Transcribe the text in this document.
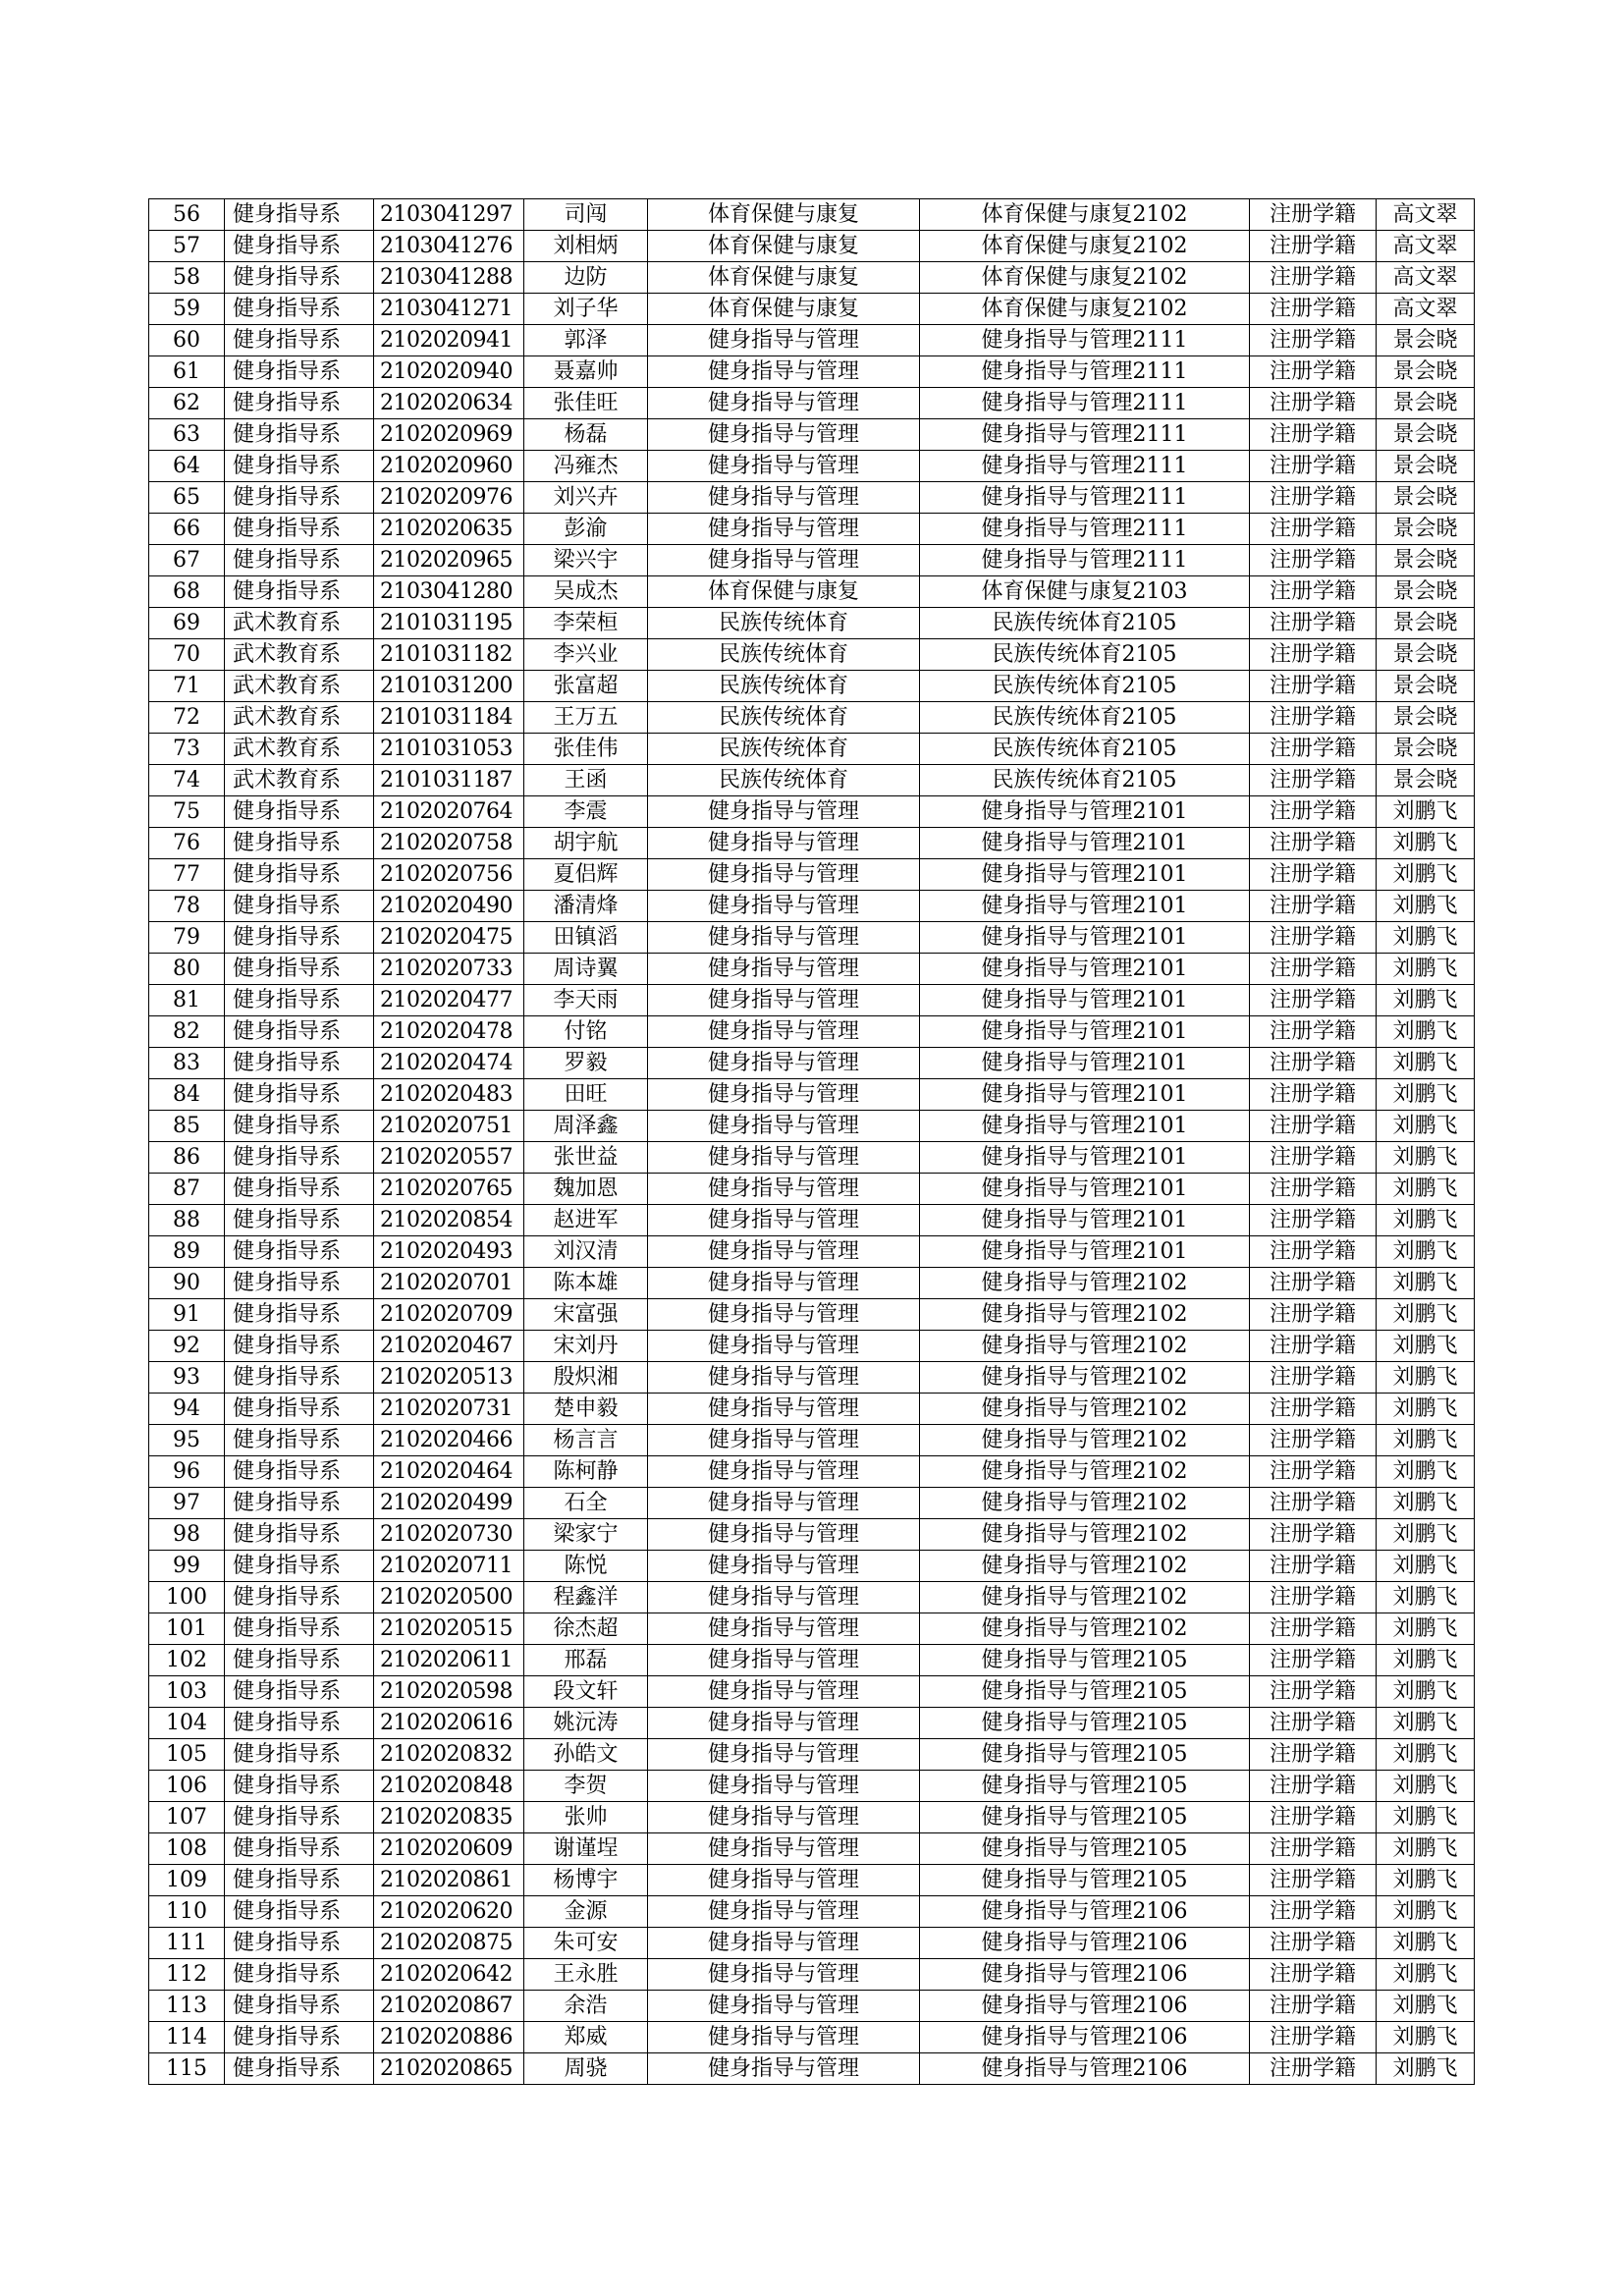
56	健身指导系	2103041297	司闯	体育保健与康复	体育保健与康复2102	注册学籍	高文翠
57	健身指导系	2103041276	刘相炳	体育保健与康复	体育保健与康复2102	注册学籍	高文翠
58	健身指导系	2103041288	边防	体育保健与康复	体育保健与康复2102	注册学籍	高文翠
59	健身指导系	2103041271	刘子华	体育保健与康复	体育保健与康复2102	注册学籍	高文翠
60	健身指导系	2102020941	郭泽	健身指导与管理	健身指导与管理2111	注册学籍	景会晓
61	健身指导系	2102020940	聂嘉帅	健身指导与管理	健身指导与管理2111	注册学籍	景会晓
62	健身指导系	2102020634	张佳旺	健身指导与管理	健身指导与管理2111	注册学籍	景会晓
63	健身指导系	2102020969	杨磊	健身指导与管理	健身指导与管理2111	注册学籍	景会晓
64	健身指导系	2102020960	冯雍杰	健身指导与管理	健身指导与管理2111	注册学籍	景会晓
65	健身指导系	2102020976	刘兴卉	健身指导与管理	健身指导与管理2111	注册学籍	景会晓
66	健身指导系	2102020635	彭渝	健身指导与管理	健身指导与管理2111	注册学籍	景会晓
67	健身指导系	2102020965	梁兴宇	健身指导与管理	健身指导与管理2111	注册学籍	景会晓
68	健身指导系	2103041280	吴成杰	体育保健与康复	体育保健与康复2103	注册学籍	景会晓
69	武术教育系	2101031195	李荣桓	民族传统体育	民族传统体育2105	注册学籍	景会晓
70	武术教育系	2101031182	李兴业	民族传统体育	民族传统体育2105	注册学籍	景会晓
71	武术教育系	2101031200	张富超	民族传统体育	民族传统体育2105	注册学籍	景会晓
72	武术教育系	2101031184	王万五	民族传统体育	民族传统体育2105	注册学籍	景会晓
73	武术教育系	2101031053	张佳伟	民族传统体育	民族传统体育2105	注册学籍	景会晓
74	武术教育系	2101031187	王函	民族传统体育	民族传统体育2105	注册学籍	景会晓
75	健身指导系	2102020764	李震	健身指导与管理	健身指导与管理2101	注册学籍	刘鹏飞
76	健身指导系	2102020758	胡宇航	健身指导与管理	健身指导与管理2101	注册学籍	刘鹏飞
77	健身指导系	2102020756	夏侣辉	健身指导与管理	健身指导与管理2101	注册学籍	刘鹏飞
78	健身指导系	2102020490	潘清烽	健身指导与管理	健身指导与管理2101	注册学籍	刘鹏飞
79	健身指导系	2102020475	田镇滔	健身指导与管理	健身指导与管理2101	注册学籍	刘鹏飞
80	健身指导系	2102020733	周诗翼	健身指导与管理	健身指导与管理2101	注册学籍	刘鹏飞
81	健身指导系	2102020477	李天雨	健身指导与管理	健身指导与管理2101	注册学籍	刘鹏飞
82	健身指导系	2102020478	付铭	健身指导与管理	健身指导与管理2101	注册学籍	刘鹏飞
83	健身指导系	2102020474	罗毅	健身指导与管理	健身指导与管理2101	注册学籍	刘鹏飞
84	健身指导系	2102020483	田旺	健身指导与管理	健身指导与管理2101	注册学籍	刘鹏飞
85	健身指导系	2102020751	周泽鑫	健身指导与管理	健身指导与管理2101	注册学籍	刘鹏飞
86	健身指导系	2102020557	张世益	健身指导与管理	健身指导与管理2101	注册学籍	刘鹏飞
87	健身指导系	2102020765	魏加恩	健身指导与管理	健身指导与管理2101	注册学籍	刘鹏飞
88	健身指导系	2102020854	赵进军	健身指导与管理	健身指导与管理2101	注册学籍	刘鹏飞
89	健身指导系	2102020493	刘汉清	健身指导与管理	健身指导与管理2101	注册学籍	刘鹏飞
90	健身指导系	2102020701	陈本雄	健身指导与管理	健身指导与管理2102	注册学籍	刘鹏飞
91	健身指导系	2102020709	宋富强	健身指导与管理	健身指导与管理2102	注册学籍	刘鹏飞
92	健身指导系	2102020467	宋刘丹	健身指导与管理	健身指导与管理2102	注册学籍	刘鹏飞
93	健身指导系	2102020513	殷炽湘	健身指导与管理	健身指导与管理2102	注册学籍	刘鹏飞
94	健身指导系	2102020731	楚申毅	健身指导与管理	健身指导与管理2102	注册学籍	刘鹏飞
95	健身指导系	2102020466	杨言言	健身指导与管理	健身指导与管理2102	注册学籍	刘鹏飞
96	健身指导系	2102020464	陈柯静	健身指导与管理	健身指导与管理2102	注册学籍	刘鹏飞
97	健身指导系	2102020499	石全	健身指导与管理	健身指导与管理2102	注册学籍	刘鹏飞
98	健身指导系	2102020730	梁家宁	健身指导与管理	健身指导与管理2102	注册学籍	刘鹏飞
99	健身指导系	2102020711	陈悦	健身指导与管理	健身指导与管理2102	注册学籍	刘鹏飞
100	健身指导系	2102020500	程鑫洋	健身指导与管理	健身指导与管理2102	注册学籍	刘鹏飞
101	健身指导系	2102020515	徐杰超	健身指导与管理	健身指导与管理2102	注册学籍	刘鹏飞
102	健身指导系	2102020611	邢磊	健身指导与管理	健身指导与管理2105	注册学籍	刘鹏飞
103	健身指导系	2102020598	段文轩	健身指导与管理	健身指导与管理2105	注册学籍	刘鹏飞
104	健身指导系	2102020616	姚沅涛	健身指导与管理	健身指导与管理2105	注册学籍	刘鹏飞
105	健身指导系	2102020832	孙皓文	健身指导与管理	健身指导与管理2105	注册学籍	刘鹏飞
106	健身指导系	2102020848	李贺	健身指导与管理	健身指导与管理2105	注册学籍	刘鹏飞
107	健身指导系	2102020835	张帅	健身指导与管理	健身指导与管理2105	注册学籍	刘鹏飞
108	健身指导系	2102020609	谢谨埕	健身指导与管理	健身指导与管理2105	注册学籍	刘鹏飞
109	健身指导系	2102020861	杨博宇	健身指导与管理	健身指导与管理2105	注册学籍	刘鹏飞
110	健身指导系	2102020620	金源	健身指导与管理	健身指导与管理2106	注册学籍	刘鹏飞
111	健身指导系	2102020875	朱可安	健身指导与管理	健身指导与管理2106	注册学籍	刘鹏飞
112	健身指导系	2102020642	王永胜	健身指导与管理	健身指导与管理2106	注册学籍	刘鹏飞
113	健身指导系	2102020867	余浩	健身指导与管理	健身指导与管理2106	注册学籍	刘鹏飞
114	健身指导系	2102020886	郑威	健身指导与管理	健身指导与管理2106	注册学籍	刘鹏飞
115	健身指导系	2102020865	周骁	健身指导与管理	健身指导与管理2106	注册学籍	刘鹏飞
